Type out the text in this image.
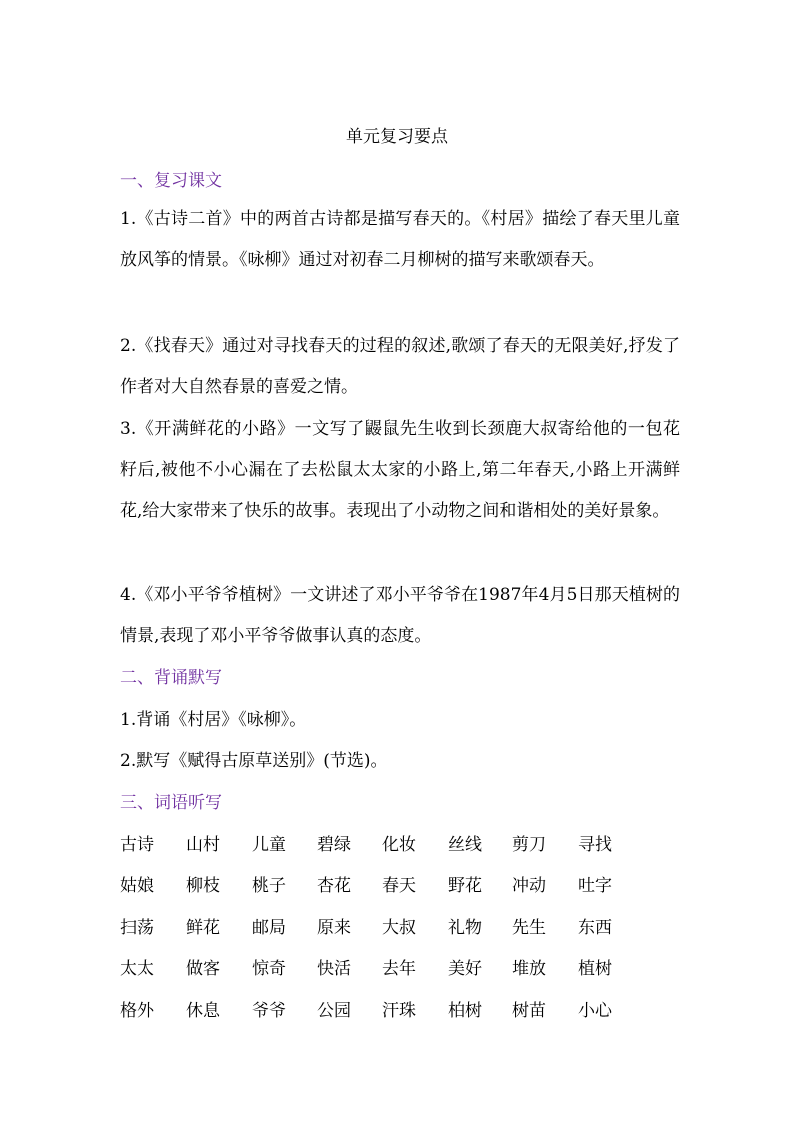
单元复习要点
一、复习课文
1.《古诗二首》中的两首古诗都是描写春天的。《村居》描绘了春天里儿童放风筝的情景。《咏柳》通过对初春二月柳树的描写来歌颂春天。
2.《找春天》通过对寻找春天的过程的叙述,歌颂了春天的无限美好,抒发了作者对大自然春景的喜爱之情。
3.《开满鲜花的小路》一文写了鼹鼠先生收到长颈鹿大叔寄给他的一包花籽后,被他不小心漏在了去松鼠太太家的小路上,第二年春天,小路上开满鲜花,给大家带来了快乐的故事。表现出了小动物之间和谐相处的美好景象。
4.《邓小平爷爷植树》一文讲述了邓小平爷爷在1987年4月5日那天植树的情景,表现了邓小平爷爷做事认真的态度。
二、背诵默写
1.背诵《村居》《咏柳》。
2.默写《赋得古原草送别》(节选)。
三、词语听写
古诗	山村	儿童	碧绿	化妆	丝线	剪刀	寻找
姑娘	柳枝	桃子	杏花	春天	野花	冲动	吐字
扫荡	鲜花	邮局	原来	大叔	礼物	先生	东西
太太	做客	惊奇	快活	去年	美好	堆放	植树
格外	休息	爷爷	公园	汗珠	柏树	树苗	小心
